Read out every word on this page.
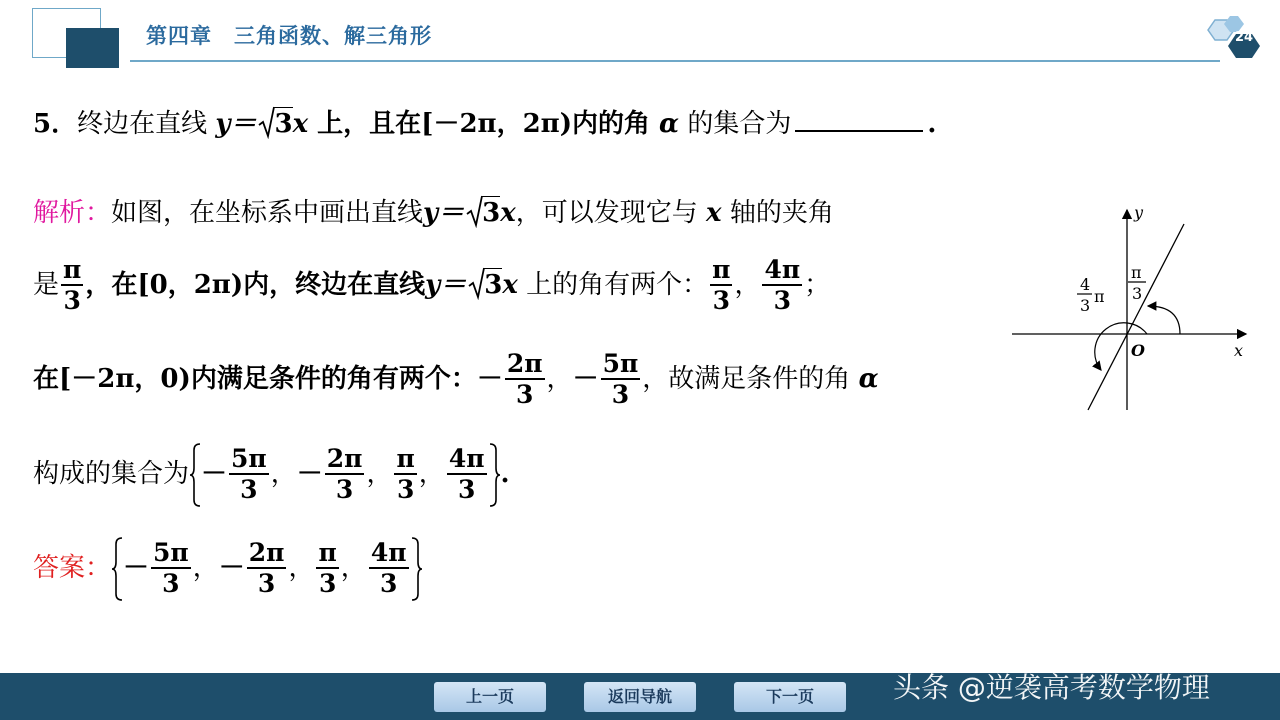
第四章 三角函数、解三角形	24
5．终边在直线 y＝ 3x 上，且在[－2π，2π)内的角 α 的集合为	.
解析：如图，在坐标系中画出直线y＝ 3x，可以发现它与 x 轴的夹角
是 $\frac{\pi}{3}$ ，在[0，2π)内，终边在直线y＝ 3x 上的角有两个： $\frac{\pi}{3}$ ， $\frac{4\pi}{3}$ ；
在[－2π，0)内满足条件的角有两个：－ $\frac{2\pi}{3}$ ，－ $\frac{5\pi}{3}$ ，故满足条件的角 α
构成的集合为 － $\frac{5\pi}{3}$ ，－ $\frac{2\pi}{3}$ ， $\frac{\pi}{3}$ ， $\frac{4\pi}{3}$ .
答案： － $\frac{5\pi}{3}$ ，－ $\frac{2\pi}{3}$ ， $\frac{\pi}{3}$ ， $\frac{4\pi}{3}$
y
x
O
π
3
4
3 π
上一页	返回导航	下一页	头条 @逆袭高考数学物理
